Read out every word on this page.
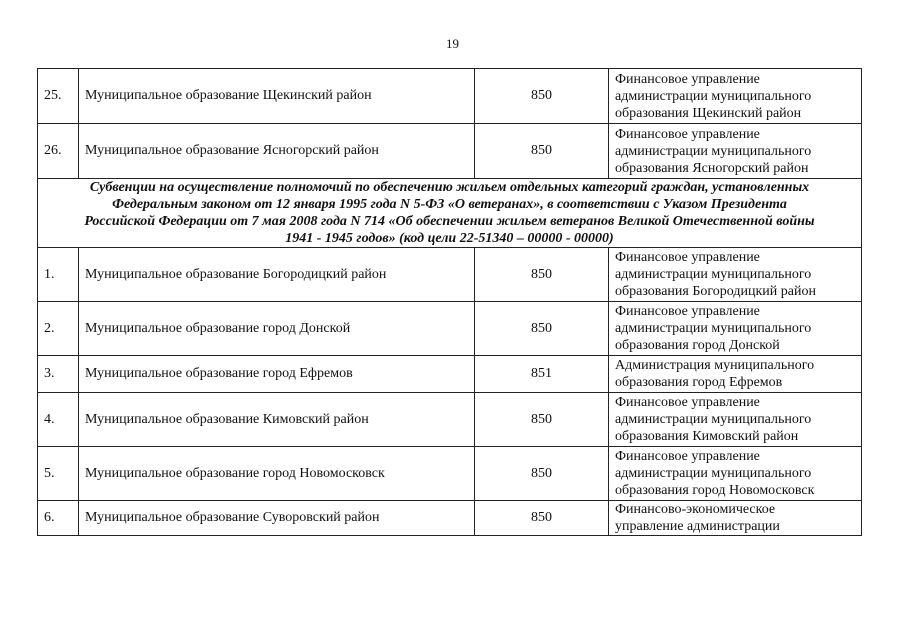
19
25.	Муниципальное образование Щекинский район	850	Финансовое управление
администрации муниципального
образования Щекинский район

26.	Муниципальное образование Ясногорский район	850	Финансовое управление
администрации муниципального
образования Ясногорский район

Субвенции на осуществление полномочий по обеспечению жильем отдельных категорий граждан, установленных
Федеральным законом от 12 января 1995 года N 5-ФЗ «О ветеранах», в соответствии с Указом Президента
Российской Федерации от 7 мая 2008 года N 714 «Об обеспечении жильем ветеранов Великой Отечественной войны
1941 - 1945 годов» (код цели 22-51340 – 00000 - 00000)			

1.	Муниципальное образование Богородицкий район	850	Финансовое управление
администрации муниципального
образования Богородицкий район

2.	Муниципальное образование город Донской	850	Финансовое управление
администрации муниципального
образования город Донской

3.	Муниципальное образование город Ефремов	851	Администрация муниципального
образования город Ефремов

4.	Муниципальное образование Кимовский район	850	Финансовое управление
администрации муниципального
образования Кимовский район

5.	Муниципальное образование город Новомосковск	850	Финансовое управление
администрации муниципального
образования город Новомосковск

6.	Муниципальное образование Суворовский район	850	Финансово-экономическое
управление администрации
